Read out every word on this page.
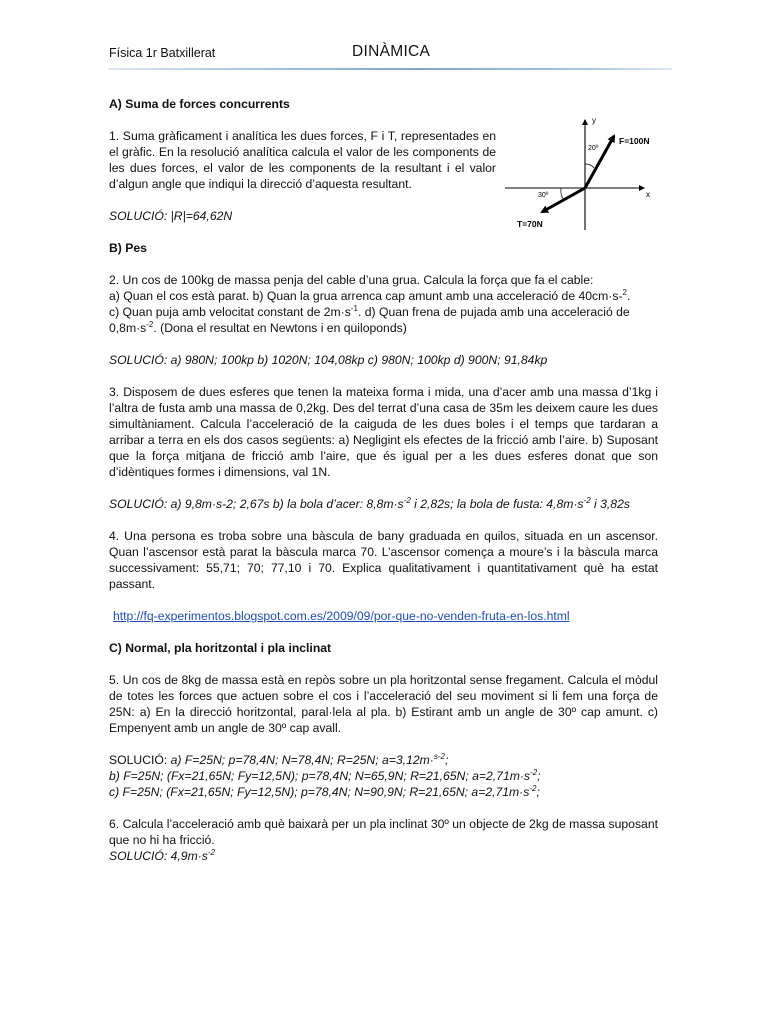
Física 1r Batxillerat	DINÀMICA
y
x
F=100N
20º
T=70N
30º

A) Suma de forces concurrents

1. Suma gràficament i analítica les dues forces, F i T, representades en el gràfic. En la resolució analítica calcula el valor de les components de les dues forces, el valor de les components de la resultant i el valor d’algun angle que indiqui la direcció d’aquesta resultant.

SOLUCIÓ: |R|=64,62N

B) Pes

2. Un cos de 100kg de massa penja del cable d’una grua. Calcula la força que fa el cable:

a) Quan el cos està parat. b) Quan la grua arrenca cap amunt amb una acceleració de 40cm·s-$^2$.

c) Quan puja amb velocitat constant de $2m\cdot s^{-1}$. d) Quan frena de pujada amb una acceleració de

$0,8m\cdot s^{-2}$. (Dona el resultat en Newtons i en quiloponds)

SOLUCIÓ: a) 980N; 100kp b) 1020N; 104,08kp c) 980N; 100kp d) 900N; 91,84kp

3. Disposem de dues esferes que tenen la mateixa forma i mida, una d’acer amb una massa d’1kg i l’altra de fusta amb una massa de 0,2kg. Des del terrat d’una casa de 35m les deixem caure les dues simultàniament. Calcula l’acceleració de la caiguda de les dues boles i el temps que tardaran a arribar a terra en els dos casos següents: a) Negligint els efectes de la fricció amb l’aire. b) Suposant que la força mitjana de fricció amb l’aire, que és igual per a les dues esferes donat que son d’idèntiques formes i dimensions, val 1N.

SOLUCIÓ: a) 9,8m·s-2; 2,67s b) la bola d’acer: $8,8m\cdot s^{-2}$ i 2,82s; la bola de fusta: $4,8m\cdot s^{-2}$ i 3,82s

4. Una persona es troba sobre una bàscula de bany graduada en quilos, situada en un ascensor. Quan l’ascensor està parat la bàscula marca 70. L’ascensor comença a moure’s i la bàscula marca successivament: 55,71; 70; 77,10 i 70. Explica qualitativament i quantitativament què ha estat passant.

http://fq-experimentos.blogspot.com.es/2009/09/por-que-no-venden-fruta-en-los.html

C) Normal, pla horitzontal i pla inclinat

5. Un cos de 8kg de massa està en repòs sobre un pla horitzontal sense fregament. Calcula el mòdul de totes les forces que actuen sobre el cos i l’acceleració del seu moviment si li fem una força de 25N: a) En la direcció horitzontal, paral·lela al pla. b) Estirant amb un angle de 30º cap amunt. c) Empenyent amb un angle de 30º cap avall.

SOLUCIÓ: a) F=25N; p=78,4N; N=78,4N; R=25N; a=3,12m·$^{s-2}$;

b) F=25N; (Fx=21,65N; Fy=12,5N); p=78,4N; N=65,9N; R=21,65N; $a=2,71m\cdot s^{-2}$;

c) F=25N; (Fx=21,65N; Fy=12,5N); p=78,4N; N=90,9N; R=21,65N; $a=2,71m\cdot s^{-2}$;

6. Calcula l’acceleració amb què baixarà per un pla inclinat 30º un objecte de 2kg de massa suposant que no hi ha fricció.

SOLUCIÓ: $4,9m\cdot s^{-2}$
